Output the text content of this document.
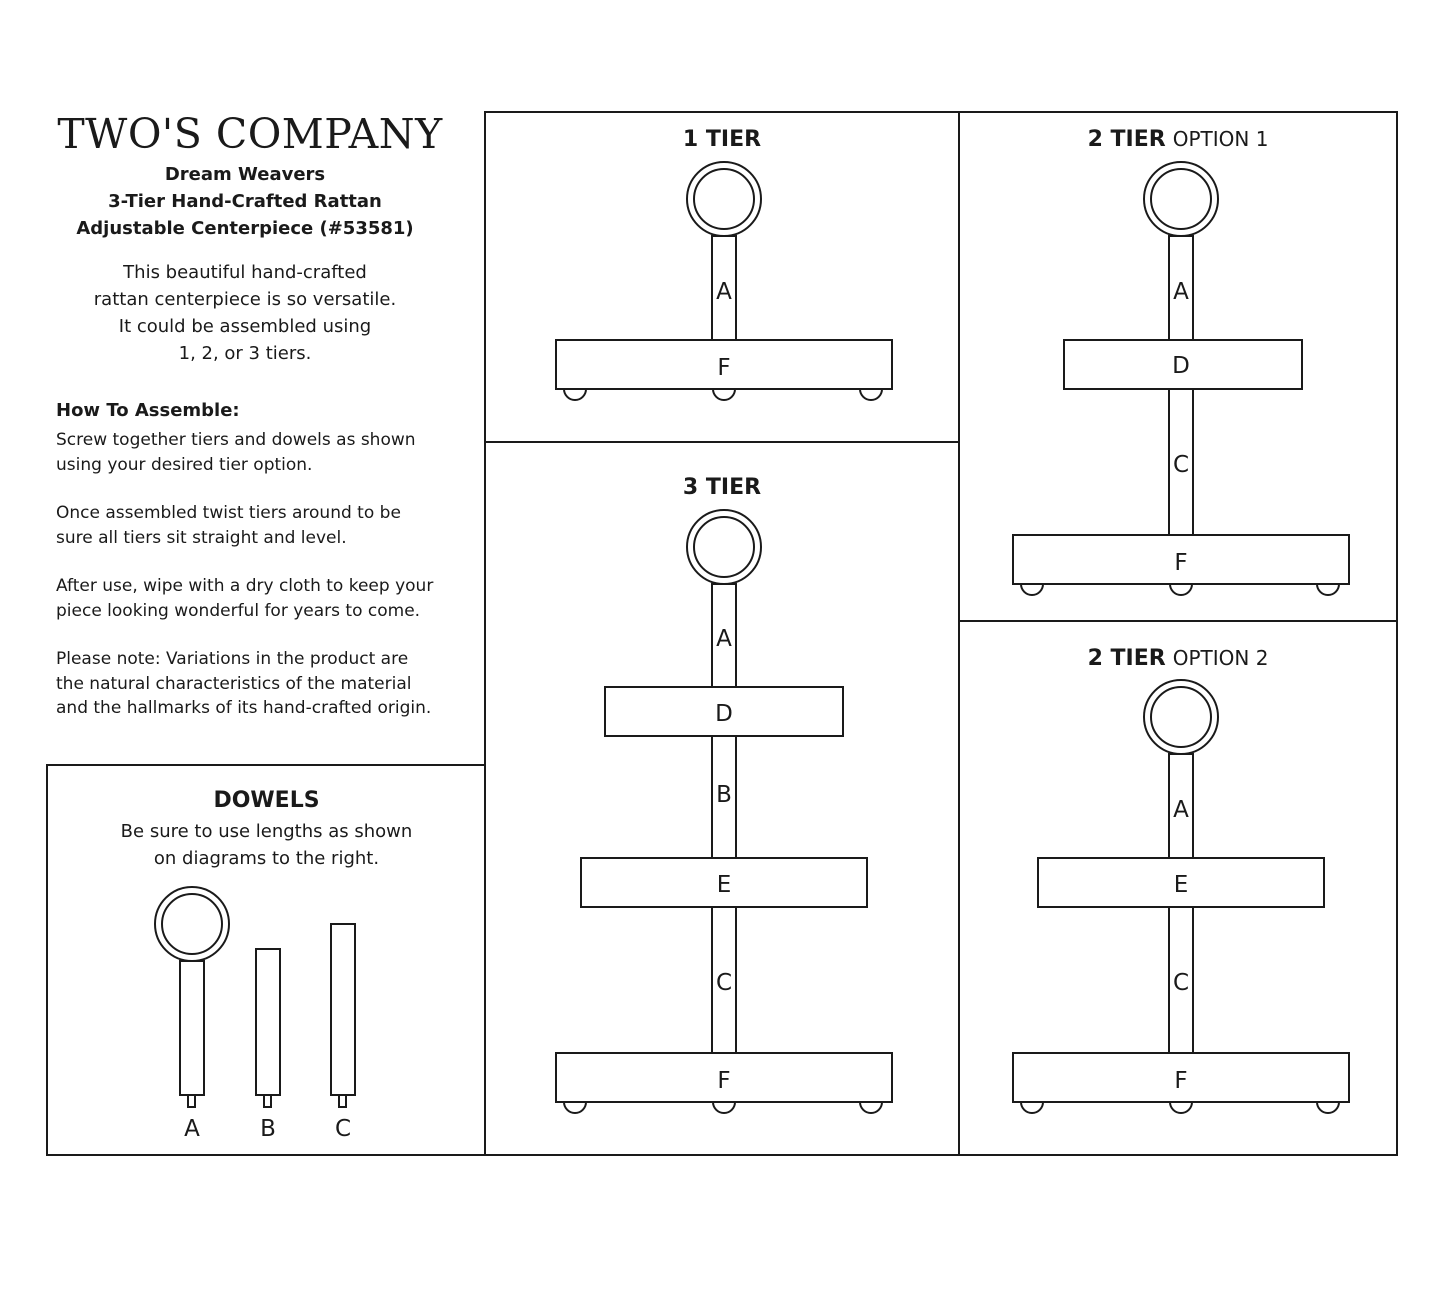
TWO'S COMPANY
Dream Weavers
3-Tier Hand-Crafted Rattan
Adjustable Centerpiece (#53581)
This beautiful hand-crafted
rattan centerpiece is so versatile.
It could be assembled using
1, 2, or 3 tiers.
How To Assemble:

Screw together tiers and dowels as shown
using your desired tier option.

Once assembled twist tiers around to be
sure all tiers sit straight and level.

After use, wipe with a dry cloth to keep your
piece looking wonderful for years to come.

Please note: Variations in the product are
the natural characteristics of the material
and the hallmarks of its hand-crafted origin.

DOWELS
Be sure to use lengths as shown
on diagrams to the right.
A	B	C
1 TIER
A
F
3 TIER
A
D
B
E
C
F
2 TIER OPTION 1
A
D
C
F
2 TIER OPTION 2
A
E
C
F
